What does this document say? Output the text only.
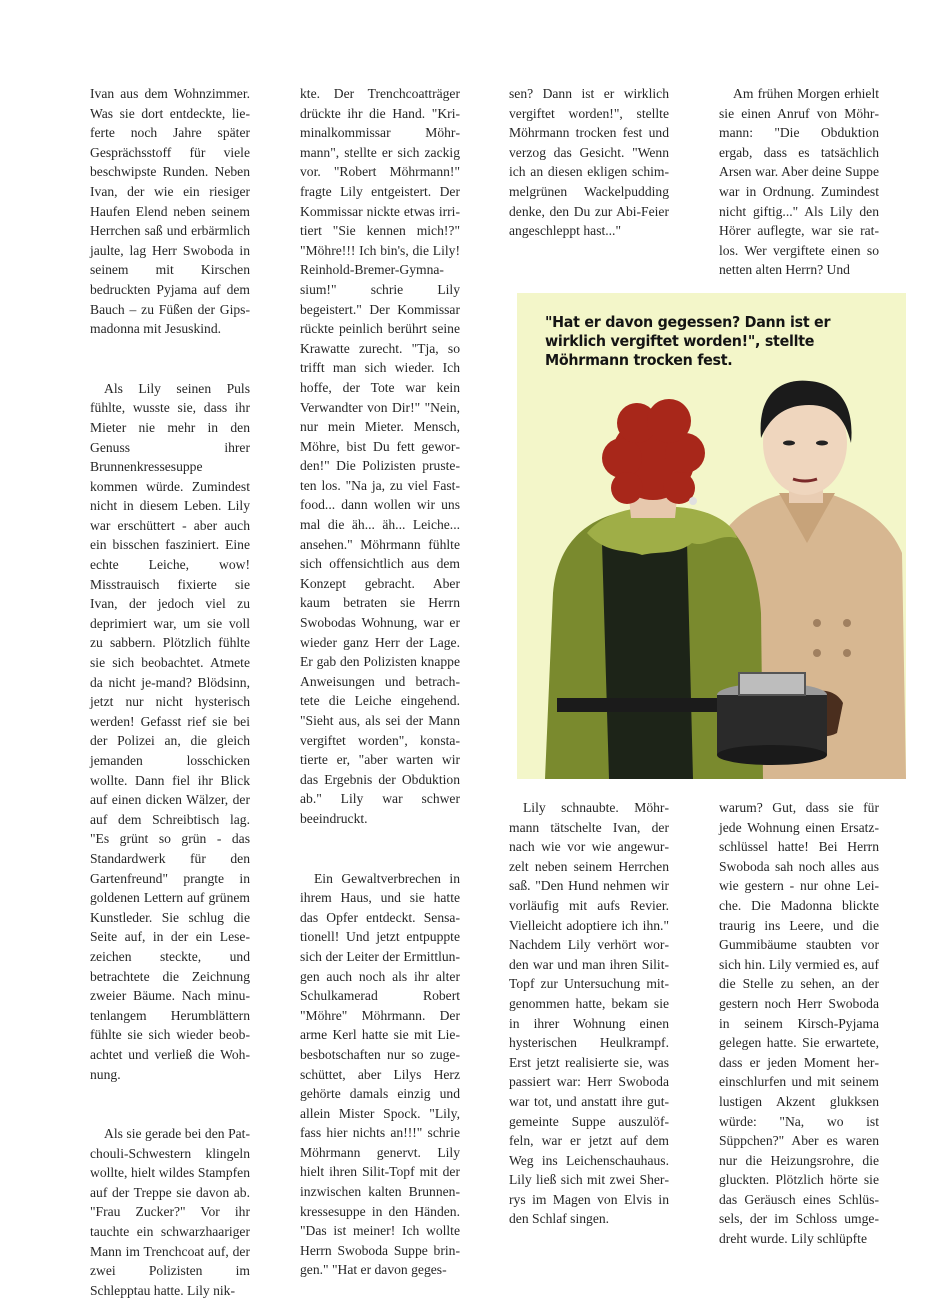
Ivan aus dem Wohnzimmer. Was sie dort entdeckte, lieferte noch Jahre später Gesprächsstoff für viele beschwipste Runden. Neben Ivan, der wie ein riesiger Haufen Elend neben seinem Herrchen saß und erbärmlich jaulte, lag Herr Swoboda in seinem mit Kirschen bedruckten Pyjama auf dem Bauch – zu Füßen der Gipsmadonna mit Jesuskind.

Als Lily seinen Puls fühlte, wusste sie, dass ihr Mieter nie mehr in den Genuss ihrer Brunnenkressesuppe kommen würde. Zumindest nicht in diesem Leben. Lily war erschüttert - aber auch ein bisschen fasziniert. Eine echte Leiche, wow! Misstrauisch fixierte sie Ivan, der jedoch viel zu deprimiert war, um sie voll zu sabbern. Plötzlich fühlte sie sich beobachtet. Atmete da nicht je-mand? Blödsinn, jetzt nur nicht hysterisch werden! Gefasst rief sie bei der Polizei an, die gleich jemanden losschicken wollte. Dann fiel ihr Blick auf einen dicken Wälzer, der auf dem Schreibtisch lag. "Es grünt so grün - das Standardwerk für den Gartenfreund" prangte in goldenen Lettern auf grünem Kunstleder. Sie schlug die Seite auf, in der ein Lesezeichen steckte, und betrachtete die Zeichnung zweier Bäume. Nach minutenlangem Herumblättern fühlte sie sich wieder beobachtet und verließ die Wohnung.

Als sie gerade bei den Patchouli-Schwestern klingeln wollte, hielt wildes Stampfen auf der Treppe sie davon ab. "Frau Zucker?" Vor ihr tauchte ein schwarzhaariger Mann im Trenchcoat auf, der zwei Polizisten im Schlepptau hatte. Lily nik-

kte. Der Trenchcoatträger drückte ihr die Hand. "Kriminalkommissar Möhrmann", stellte er sich zackig vor. "Robert Möhrmann!" fragte Lily entgeistert. Der Kommissar nickte etwas irritiert "Sie kennen mich!?" "Möhre!!! Ich bin's, die Lily! Reinhold-Bremer-Gymnasium!" schrie Lily begeistert." Der Kommissar rückte peinlich berührt seine Krawatte zurecht. "Tja, so trifft man sich wieder. Ich hoffe, der Tote war kein Verwandter von Dir!" "Nein, nur mein Mieter. Mensch, Möhre, bist Du fett geworden!" Die Polizisten prusteten los. "Na ja, zu viel Fastfood... dann wollen wir uns mal die äh... äh... Leiche... ansehen." Möhrmann fühlte sich offensichtlich aus dem Konzept gebracht. Aber kaum betraten sie Herrn Swobodas Wohnung, war er wieder ganz Herr der Lage. Er gab den Polizisten knappe Anweisungen und betrachtete die Leiche eingehend. "Sieht aus, als sei der Mann vergiftet worden", konstatierte er, "aber warten wir das Ergebnis der Obduktion ab." Lily war schwer beeindruckt.

Ein Gewaltverbrechen in ihrem Haus, und sie hatte das Opfer entdeckt. Sensationell! Und jetzt entpuppte sich der Leiter der Ermittlungen auch noch als ihr alter Schulkamerad Robert "Möhre" Möhrmann. Der arme Kerl hatte sie mit Liebesbotschaften nur so zugeschüttet, aber Lilys Herz gehörte damals einzig und allein Mister Spock. "Lily, fass hier nichts an!!!" schrie Möhrmann genervt. Lily hielt ihren Silit-Topf mit der inzwischen kalten Brunnenkressesuppe in den Händen. "Das ist meiner! Ich wollte Herrn Swoboda Suppe bringen." "Hat er davon geges-

sen? Dann ist er wirklich vergiftet worden!", stellte Möhrmann trocken fest und verzog das Gesicht. "Wenn ich an diesen ekligen schimmelgrünen Wackelpudding denke, den Du zur Abi-Feier angeschleppt hast..."

Am frühen Morgen erhielt sie einen Anruf von Möhrmann: "Die Obduktion ergab, dass es tatsächlich Arsen war. Aber deine Suppe war in Ordnung. Zumindest nicht giftig..." Als Lily den Hörer auflegte, war sie ratlos. Wer vergiftete einen so netten alten Herrn? Und

"Hat er davon gegessen? Dann ist er wirklich vergiftet worden!", stellte Möhrmann trocken fest.

Lily schnaubte. Möhrmann tätschelte Ivan, der nach wie vor wie angewurzelt neben seinem Herrchen saß. "Den Hund nehmen wir vorläufig mit aufs Revier. Vielleicht adoptiere ich ihn." Nachdem Lily verhört worden war und man ihren Silit-Topf zur Untersuchung mitgenommen hatte, bekam sie in ihrer Wohnung einen hysterischen Heulkrampf. Erst jetzt realisierte sie, was passiert war: Herr Swoboda war tot, und anstatt ihre gutgemeinte Suppe auszulöffeln, war er jetzt auf dem Weg ins Leichenschauhaus. Lily ließ sich mit zwei Sherrys im Magen von Elvis in den Schlaf singen.

warum? Gut, dass sie für jede Wohnung einen Ersatzschlüssel hatte! Bei Herrn Swoboda sah noch alles aus wie gestern - nur ohne Leiche. Die Madonna blickte traurig ins Leere, und die Gummibäume staubten vor sich hin. Lily vermied es, auf die Stelle zu sehen, an der gestern noch Herr Swoboda in seinem Kirsch-Pyjama gelegen hatte. Sie erwartete, dass er jeden Moment hereinschlurfen und mit seinem lustigen Akzent glukksen würde: "Na, wo ist Süppchen?" Aber es waren nur die Heizungsrohre, die gluckten. Plötzlich hörte sie das Geräusch eines Schlüssels, der im Schloss umgedreht wurde. Lily schlüpfte
